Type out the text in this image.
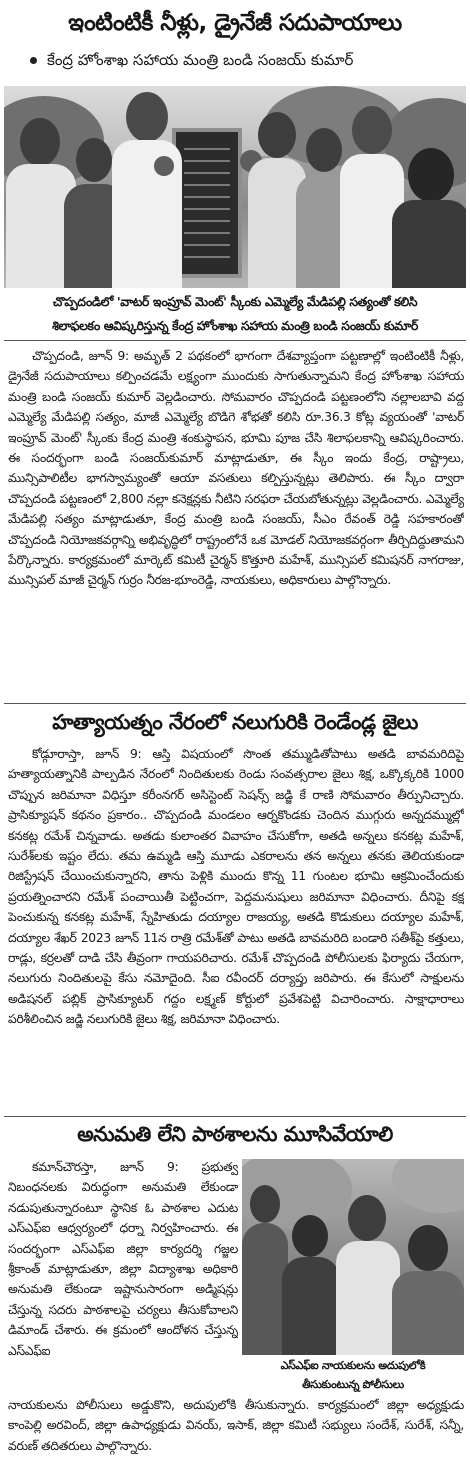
ఇంటింటికీ నీళ్లు, డ్రైనేజీ సదుపాయాలు
కేంద్ర హోంశాఖ సహాయ మంత్రి బండి సంజయ్ కుమార్
చొప్పదండిలో 'వాటర్ ఇంప్రూవ్ మెంట్' స్కీంకు ఎమ్మెల్యే మేడిపల్లి సత్యంతో కలిసి
శిలాఫలకం ఆవిష్కరిస్తున్న కేంద్ర హోంశాఖ సహాయ మంత్రి బండి సంజయ్ కుమార్

చొప్పదండి, జూన్ 9: అమృత్ 2 పథకంలో భాగంగా దేశవ్యాప్తంగా పట్టణాల్లో ఇంటింటికీ నీళ్లు, డ్రైనేజీ సదుపాయాలు కల్పించడమే లక్ష్యంగా ముందుకు సాగుతున్నామని కేంద్ర హోంశాఖ సహాయ మంత్రి బండి సంజయ్ కుమార్ వెల్లడించారు. సోమవారం చొప్పదండి పట్టణంలోని నల్లాలబావి వద్ద ఎమ్మెల్యే మేడిపల్లి సత్యం, మాజీ ఎమ్మెల్యే బొడిగె శోభతో కలిసి రూ.36.3 కోట్ల వ్యయంతో 'వాటర్ ఇంప్రూవ్ మెంట్' స్కీంకు కేంద్ర మంత్రి శంకుస్థాపన, భూమి పూజ చేసి శిలాఫలకాన్ని ఆవిష్కరించారు. ఈ సందర్భంగా బండి సంజయ్‌కుమార్ మాట్లాడుతూ, ఈ స్కీం ఇందు కేంద్ర, రాష్ట్రాలు, మున్సిపాలిటీల భాగస్వామ్యంతో ఆయా వసతులు కల్పిస్తున్నట్లు తెలిపారు. ఈ స్కీం ద్వారా చొప్పదండి పట్టణంలో 2,800 నల్లా కనెక్షన్లకు నీటిని సరఫరా చేయబోతున్నట్లు వెల్లడించారు. ఎమ్మెల్యే మేడిపల్లి సత్యం మాట్లాడుతూ, కేంద్ర మంత్రి బండి సంజయ్, సీఎం రేవంత్ రెడ్డి సహకారంతో చొప్పదండి నియోజకవర్గాన్ని అభివృద్ధిలో రాష్ట్రంలోనే ఒక మోడల్ నియోజకవర్గంగా తీర్చిదిద్దుతామని పేర్కొన్నారు. కార్యక్రమంలో మార్కెట్ కమిటీ చైర్మన్ కొత్తూరి మహేశ్, మున్సిపల్ కమిషనర్ నాగరాజు, మున్సిపల్ మాజీ చైర్మన్ గుర్రం నీరజ-భూంరెడ్డి, నాయకులు, అధికారులు పాల్గొన్నారు.

హత్యాయత్నం నేరంలో నలుగురికి రెండేండ్ల జైలు

కోడ్గూరాస్తా, జూన్ 9: ఆస్తి విషయంలో సొంత తమ్ముడితోపాటు అతడి బావమరిదిపై హత్యాయత్నానికి పాల్పడిన నేరంలో నిందితులకు రెండు సంవత్సరాల జైలు శిక్ష, ఒక్కొక్కరికి 1000 చొప్పున జరిమానా విధిస్తూ కరీంనగర్ అసిస్టెంట్ సెషన్స్ జడ్జి కే రాణి సోమవారం తీర్పునిచ్చారు. ప్రాసిక్యూషన్ కథనం ప్రకారం.. చొప్పదండి మండలం ఆర్నకొండకు చెందిన ముగ్గురు అన్నదమ్ముల్లో కనకట్ల రమేశ్ చిన్నవాడు. అతడు కులాంతర వివాహం చేసుకోగా, అతడి అన్నలు కనకట్ల మహేశ్, సురేశ్‌లకు ఇష్టం లేదు. తమ ఉమ్మడి ఆస్తి మూడు ఎకరాలను తన అన్నలు తనకు తెలియకుండా రిజిస్ట్రేషన్ చేయించుకున్నారని, తాను పెళ్లికి ముందు కొన్న 11 గుంటల భూమి ఆక్రమించేందుకు ప్రయత్నించారని రమేశ్ పంచాయితీ పెట్టించగా, పెద్దమనుషులు జరిమానా విధించారు. దీనిపై కక్ష పెంచుకున్న కనకట్ల మహేశ్, స్నేహితుడు దయ్యాల రాజయ్య, అతడి కొడుకులు దయ్యాల మహేశ్, దయ్యాల శేఖర్ 2023 జూన్ 11న రాత్రి రమేశ్‌తో పాటు అతడి బావమరిది బండారి సతీశ్‌పై కత్తులు, రాడ్లు, కర్రలతో దాడి చేసి తీవ్రంగా గాయపరిచారు. రమేశ్ చొప్పదండి పోలీసులకు ఫిర్యాదు చేయగా, నలుగురు నిందితులపై కేసు నమోదైంది. సీఐ రవీందర్ దర్యాప్తు జరిపారు. ఈ కేసులో సాక్షులను అడిషనల్ పబ్లిక్ ప్రాసిక్యూటర్ గద్దం లక్ష్మణ్ కోర్టులో ప్రవేశపెట్టి విచారించారు. సాక్షాధారాలు పరిశీలించిన జడ్జి నలుగురికి జైలు శిక్ష, జరిమానా విధించారు.

అనుమతి లేని పాఠశాలను మూసివేయాలి

కమాన్‌చౌరస్తా, జూన్ 9: ప్రభుత్వ నిబంధనలకు విరుద్ధంగా అనుమతి లేకుండా నడుపుతున్నారంటూ స్థానిక ఓ పాఠశాల ఎదుట ఎస్ఎఫ్ఐ ఆధ్వర్యంలో ధర్నా నిర్వహించారు. ఈ సందర్భంగా ఎస్ఎఫ్ఐ జిల్లా కార్యదర్శి గజ్జల శ్రీకాంత్ మాట్లాడుతూ, జిల్లా విద్యాశాఖ అధికారి అనుమతి లేకుండా ఇష్టానుసారంగా అడ్మిషన్లు చేస్తున్న సదరు పాఠశాలపై చర్యలు తీసుకోవాలని డిమాండ్ చేశారు. ఈ క్రమంలో ఆందోళన చేస్తున్న ఎస్ఎఫ్ఐ

ఎస్ఎఫ్ఐ నాయకులను అదుపులోకి
తీసుకుంటున్న పోలీసులు

నాయకులను పోలీసులు అడ్డుకొని, అదుపులోకి తీసుకున్నారు. కార్యక్రమంలో జిల్లా అధ్యక్షుడు కాంపెల్లి అరవింద్, జిల్లా ఉపాధ్యక్షుడు వినయ్, ఇసాక్, జిల్లా కమిటీ సభ్యులు సందేశ్, సురేశ్, సన్నీ, వరుణ్ తదితరులు పాల్గొన్నారు.
